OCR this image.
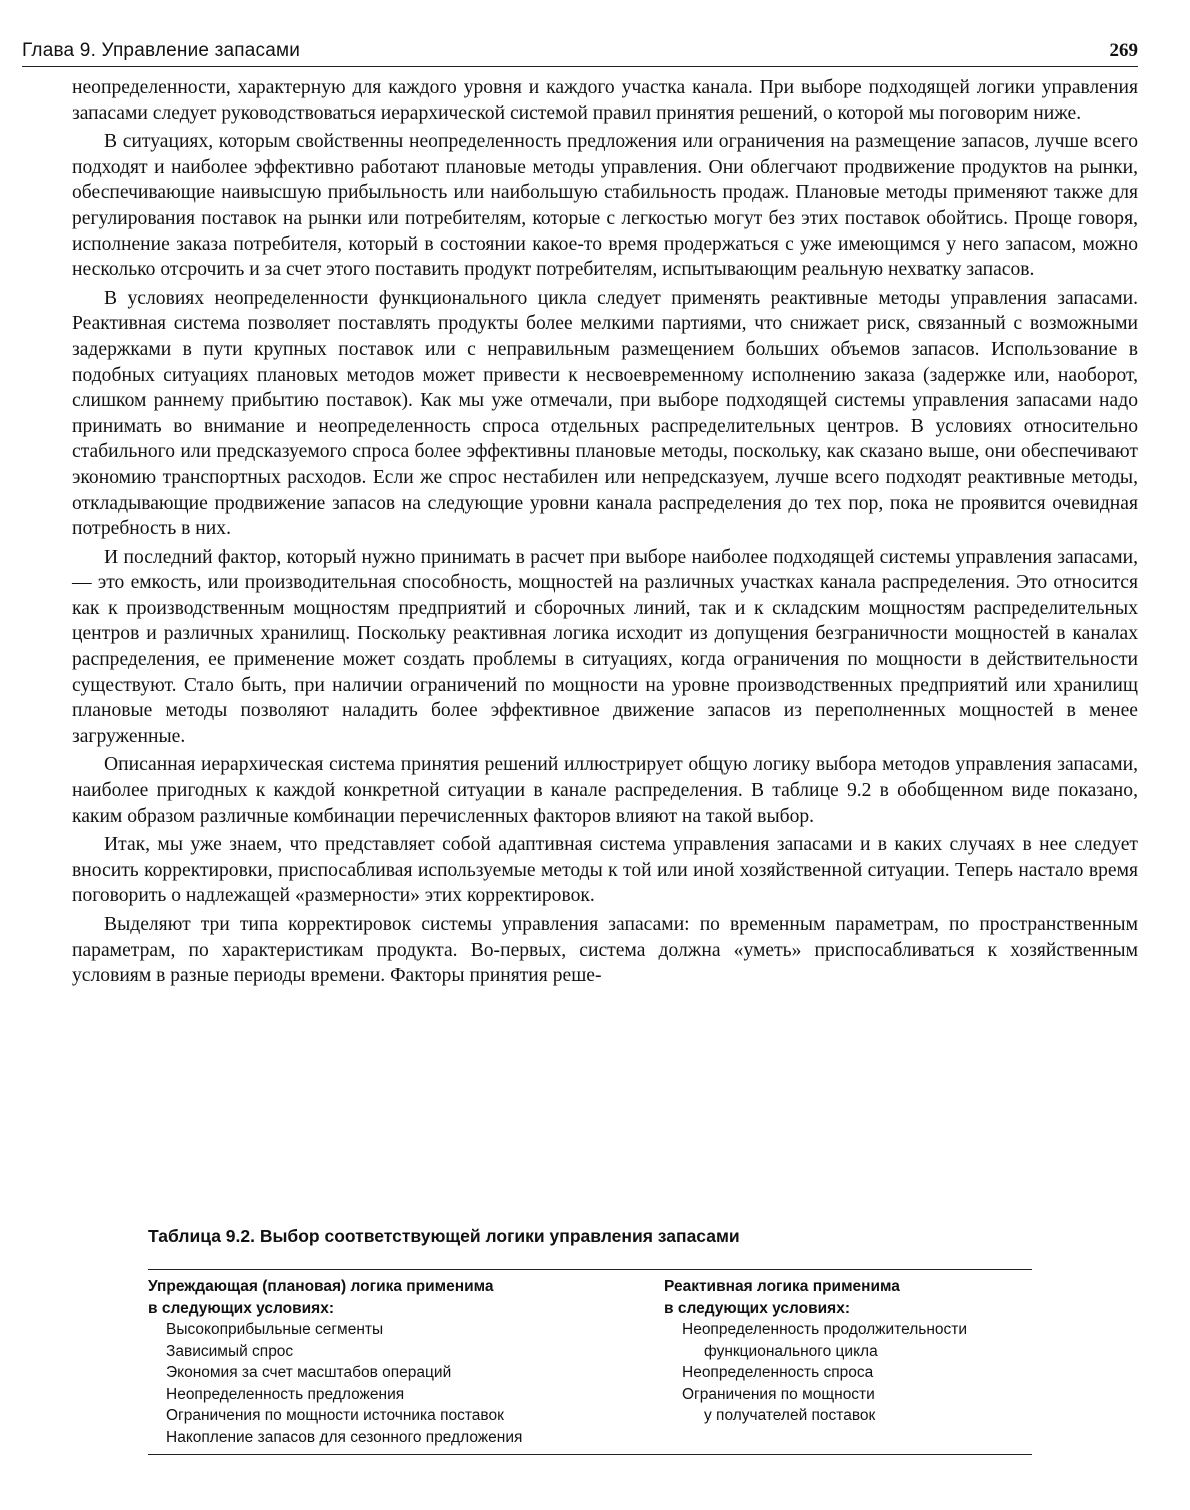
Глава 9. Управление запасами	269

неопределенности, характерную для каждого уровня и каждого участка канала. При выборе подходящей логики управления запасами следует руководствоваться иерархической системой правил принятия решений, о которой мы поговорим ниже.

В ситуациях, которым свойственны неопределенность предложения или ограничения на размещение запасов, лучше всего подходят и наиболее эффективно работают плановые методы управления. Они облегчают продвижение продуктов на рынки, обеспечивающие наивысшую прибыльность или наибольшую стабильность продаж. Плановые методы применяют также для регулирования поставок на рынки или потребителям, которые с легкостью могут без этих поставок обойтись. Проще говоря, исполнение заказа потребителя, который в состоянии какое-то время продержаться с уже имеющимся у него запасом, можно несколько отсрочить и за счет этого поставить продукт потребителям, испытывающим реальную нехватку запасов.

В условиях неопределенности функционального цикла следует применять реактивные методы управления запасами. Реактивная система позволяет поставлять продукты более мелкими партиями, что снижает риск, связанный с возможными задержками в пути крупных поставок или с неправильным размещением больших объемов запасов. Использование в подобных ситуациях плановых методов может привести к несвоевременному исполнению заказа (задержке или, наоборот, слишком раннему прибытию поставок). Как мы уже отмечали, при выборе подходящей системы управления запасами надо принимать во внимание и неопределенность спроса отдельных распределительных центров. В условиях относительно стабильного или предсказуемого спроса более эффективны плановые методы, поскольку, как сказано выше, они обеспечивают экономию транспортных расходов. Если же спрос нестабилен или непредсказуем, лучше всего подходят реактивные методы, откладывающие продвижение запасов на следующие уровни канала распределения до тех пор, пока не проявится очевидная потребность в них.

И последний фактор, который нужно принимать в расчет при выборе наиболее подходящей системы управления запасами, — это емкость, или производительная способность, мощностей на различных участках канала распределения. Это относится как к производственным мощностям предприятий и сборочных линий, так и к складским мощностям распределительных центров и различных хранилищ. Поскольку реактивная логика исходит из допущения безграничности мощностей в каналах распределения, ее применение может создать проблемы в ситуациях, когда ограничения по мощности в действительности существуют. Стало быть, при наличии ограничений по мощности на уровне производственных предприятий или хранилищ плановые методы позволяют наладить более эффективное движение запасов из переполненных мощностей в менее загруженные.

Описанная иерархическая система принятия решений иллюстрирует общую логику выбора методов управления запасами, наиболее пригодных к каждой конкретной ситуации в канале распределения. В таблице 9.2 в обобщенном виде показано, каким образом различные комбинации перечисленных факторов влияют на такой выбор.

Итак, мы уже знаем, что представляет собой адаптивная система управления запасами и в каких случаях в нее следует вносить корректировки, приспосабливая используемые методы к той или иной хозяйственной ситуации. Теперь настало время поговорить о надлежащей «размерности» этих корректировок.

Выделяют три типа корректировок системы управления запасами: по временным параметрам, по пространственным параметрам, по характеристикам продукта. Во-первых, система должна «уметь» приспосабливаться к хозяйственным условиям в разные периоды времени. Факторы принятия реше-

Таблица 9.2. Выбор соответствующей логики управления запасами
Упреждающая (плановая) логика применима
в следующих условиях:
Высокоприбыльные сегменты
Зависимый спрос
Экономия за счет масштабов операций
Неопределенность предложения
Ограничения по мощности источника поставок
Накопление запасов для сезонного предложения
Реактивная логика применима
в следующих условиях:
Неопределенность продолжительности
функционального цикла
Неопределенность спроса
Ограничения по мощности
у получателей поставок
